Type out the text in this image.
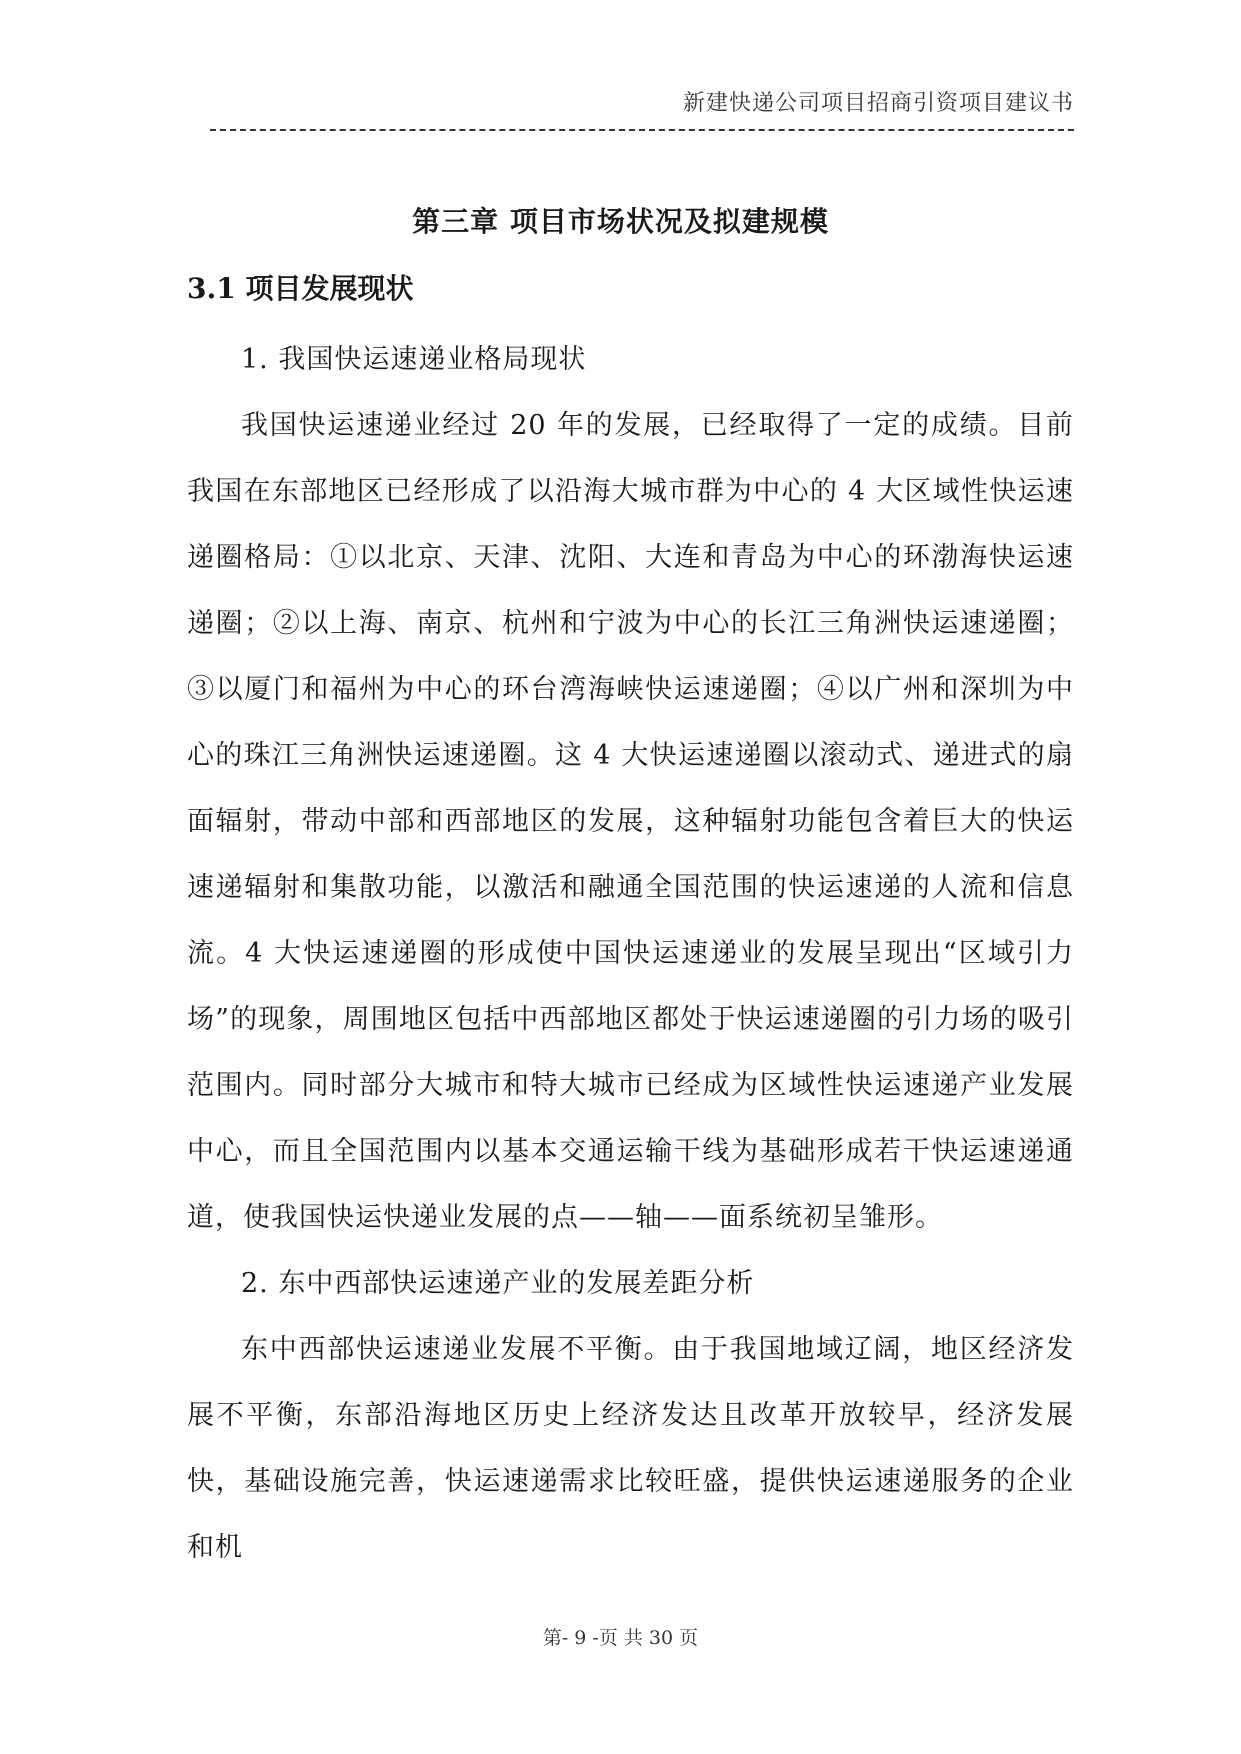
新建快递公司项目招商引资项目建议书
第三章 项目市场状况及拟建规模
3.1 项目发展现状

1. 我国快运速递业格局现状

我国快运速递业经过 20 年的发展，已经取得了一定的成绩。目前我国在东部地区已经形成了以沿海大城市群为中心的 4 大区域性快运速递圈格局：①以北京、天津、沈阳、大连和青岛为中心的环渤海快运速递圈；②以上海、南京、杭州和宁波为中心的长江三角洲快运速递圈；③以厦门和福州为中心的环台湾海峡快运速递圈；④以广州和深圳为中心的珠江三角洲快运速递圈。这 4 大快运速递圈以滚动式、递进式的扇面辐射，带动中部和西部地区的发展，这种辐射功能包含着巨大的快运速递辐射和集散功能，以激活和融通全国范围的快运速递的人流和信息流。4 大快运速递圈的形成使中国快运速递业的发展呈现出“区域引力场”的现象，周围地区包括中西部地区都处于快运速递圈的引力场的吸引范围内。同时部分大城市和特大城市已经成为区域性快运速递产业发展中心，而且全国范围内以基本交通运输干线为基础形成若干快运速递通道，使我国快运快递业发展的点——轴——面系统初呈雏形。

2. 东中西部快运速递产业的发展差距分析

东中西部快运速递业发展不平衡。由于我国地域辽阔，地区经济发展不平衡，东部沿海地区历史上经济发达且改革开放较早，经济发展快，基础设施完善，快运速递需求比较旺盛，提供快运速递服务的企业和机

第- 9 -页 共 30 页
